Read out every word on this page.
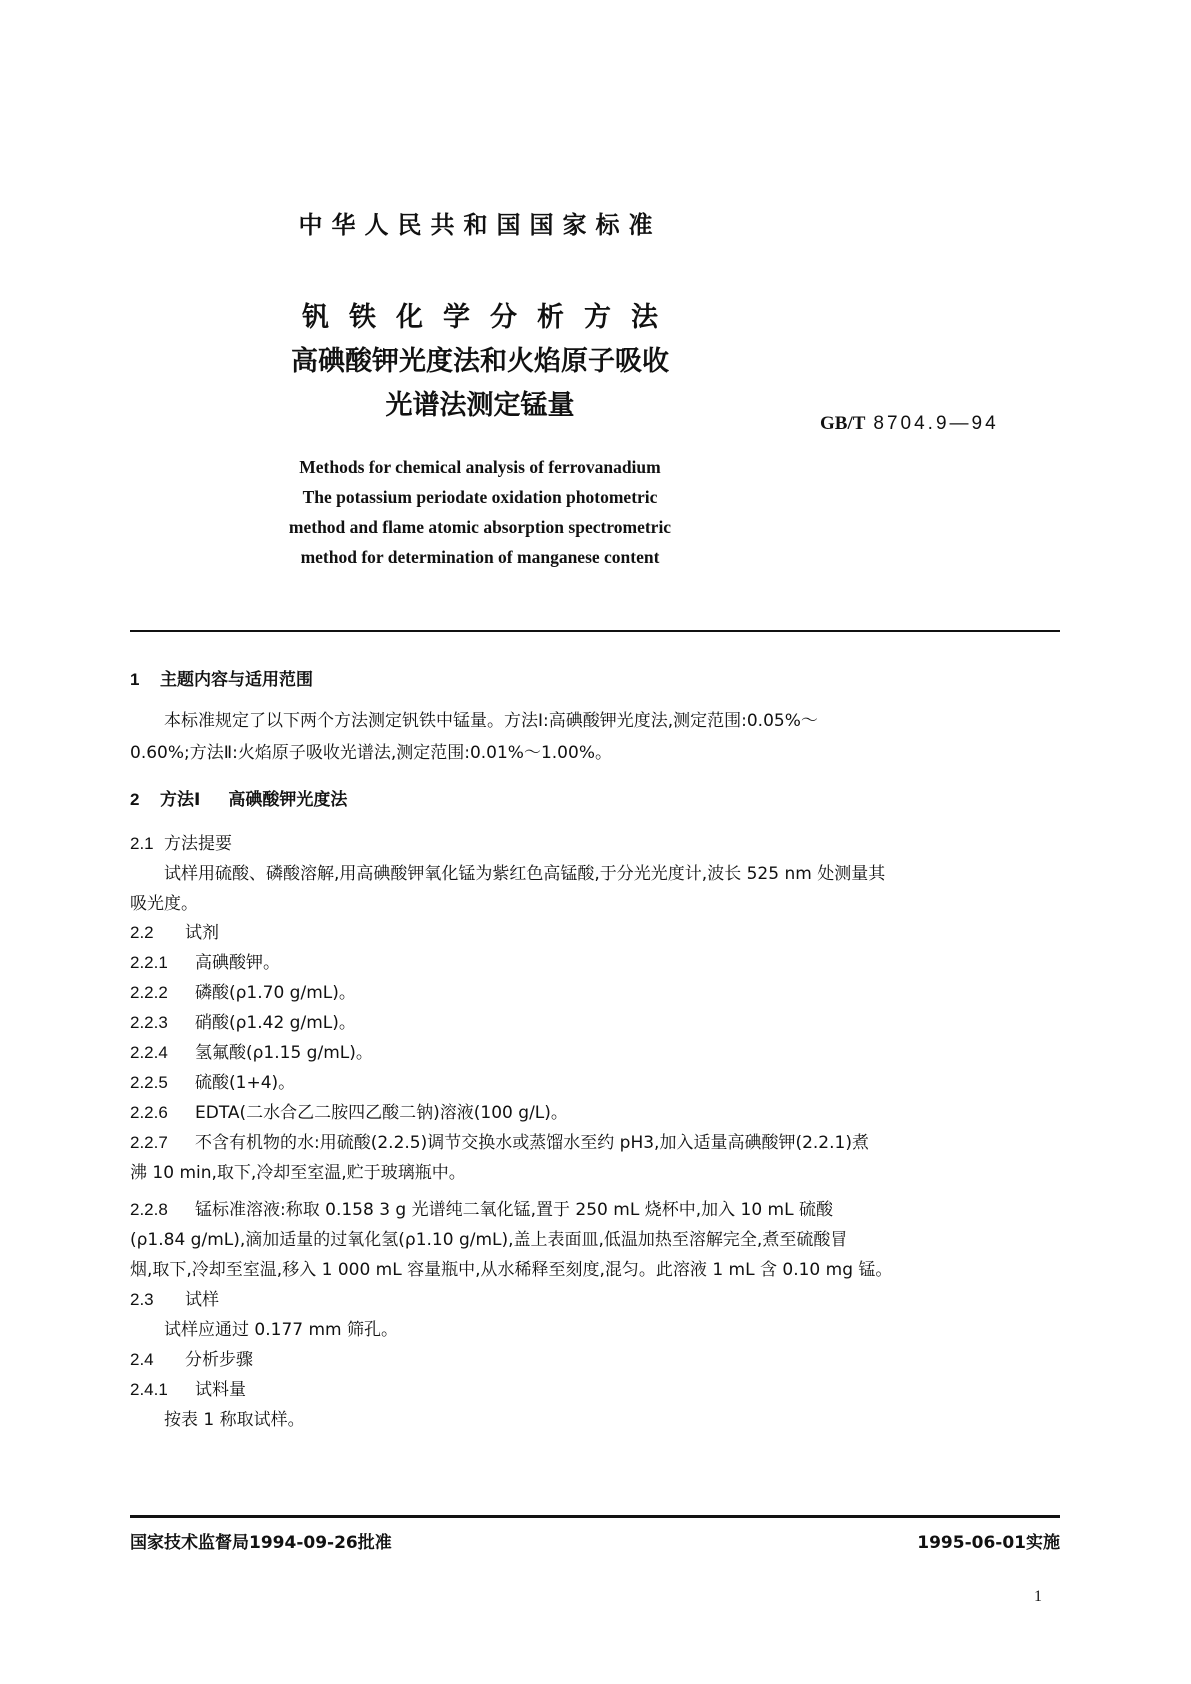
中华人民共和国国家标准
钒铁化学分析方法
高碘酸钾光度法和火焰原子吸收
光谱法测定锰量
GB/T 8704.9—94
Methods for chemical analysis of ferrovanadium
The potassium periodate oxidation photometric
method and flame atomic absorption spectrometric
method for determination of manganese content
1 主题内容与适用范围
本标准规定了以下两个方法测定钒铁中锰量。方法Ⅰ:高碘酸钾光度法,测定范围:0.05%～
0.60%;方法Ⅱ:火焰原子吸收光谱法,测定范围:0.01%～1.00%。
2 方法Ⅰ 高碘酸钾光度法
2.1 方法提要
试样用硫酸、磷酸溶解,用高碘酸钾氧化锰为紫红色高锰酸,于分光光度计,波长 525 nm 处测量其
吸光度。
2.2 试剂
2.2.1 高碘酸钾。
2.2.2 磷酸(ρ1.70 g/mL)。
2.2.3 硝酸(ρ1.42 g/mL)。
2.2.4 氢氟酸(ρ1.15 g/mL)。
2.2.5 硫酸(1+4)。
2.2.6 EDTA(二水合乙二胺四乙酸二钠)溶液(100 g/L)。
2.2.7 不含有机物的水:用硫酸(2.2.5)调节交换水或蒸馏水至约 pH3,加入适量高碘酸钾(2.2.1)煮
沸 10 min,取下,冷却至室温,贮于玻璃瓶中。
2.2.8 锰标准溶液:称取 0.158 3 g 光谱纯二氧化锰,置于 250 mL 烧杯中,加入 10 mL 硫酸
(ρ1.84 g/mL),滴加适量的过氧化氢(ρ1.10 g/mL),盖上表面皿,低温加热至溶解完全,煮至硫酸冒
烟,取下,冷却至室温,移入 1 000 mL 容量瓶中,从水稀释至刻度,混匀。此溶液 1 mL 含 0.10 mg 锰。
2.3 试样
试样应通过 0.177 mm 筛孔。
2.4 分析步骤
2.4.1 试料量
按表 1 称取试样。
国家技术监督局1994-09-26批准	1995-06-01实施
1
